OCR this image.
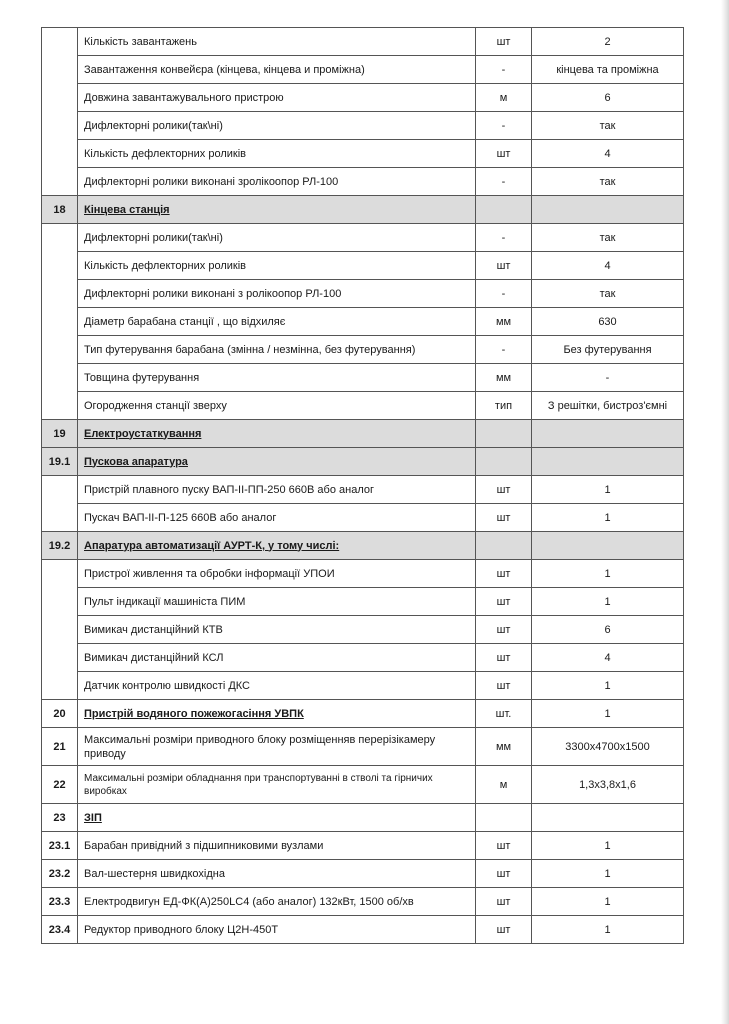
	Кількість завантажень	шт	2
	Завантаження конвейєра (кінцева, кінцева и проміжна)	-	кінцева та проміжна
	Довжина завантажувального пристрою	м	6
	Дифлекторні ролики(так\ні)	-	так
	Кількість дефлекторних роликів	шт	4
	Дифлекторні ролики виконані зролікоопор РЛ-100	-	так
18	Кінцева станція		
	Дифлекторні ролики(так\ні)	-	так
	Кількість дефлекторних роликів	шт	4
	Дифлекторні ролики виконані з ролікоопор РЛ-100	-	так
	Діаметр барабана станції , що відхиляє	мм	630
	Тип футерування барабана (змінна / незмінна, без футерування)	-	Без футерування
	Товщина футерування	мм	-
	Огородження станції зверху	тип	З решітки, бистроз'ємні
19	Електроустаткування		
19.1	Пускова апаратура		
	Пристрій плавного пуску ВАП-ІІ-ПП-250 660В або аналог	шт	1
	Пускач ВАП-ІІ-П-125 660В або аналог	шт	1
19.2	Апаратура автоматизації АУРТ-К, у тому числі:		
	Пристрої живлення та обробки інформації УПОИ	шт	1
	Пульт індикації машиніста ПИМ	шт	1
	Вимикач дистанційний КТВ	шт	6
	Вимикач дистанційний КСЛ	шт	4
	Датчик контролю швидкості ДКС	шт	1
20	Пристрій водяного пожежогасіння УВПК	шт.	1
21	Максимальні розміри приводного блоку розміщенняв перерізікамеру приводу	мм	3300х4700х1500
22	Максимальні розміри обладнання при транспортуванні в стволі та гірничих виробках	м	1,3х3,8х1,6
23	ЗІП		
23.1	Барабан привідний з підшипниковими вузлами	шт	1
23.2	Вал-шестерня швидкохідна	шт	1
23.3	Електродвигун ЕД-ФК(А)250LC4 (або аналог) 132кВт, 1500 об/хв	шт	1
23.4	Редуктор приводного блоку Ц2Н-450Т	шт	1
